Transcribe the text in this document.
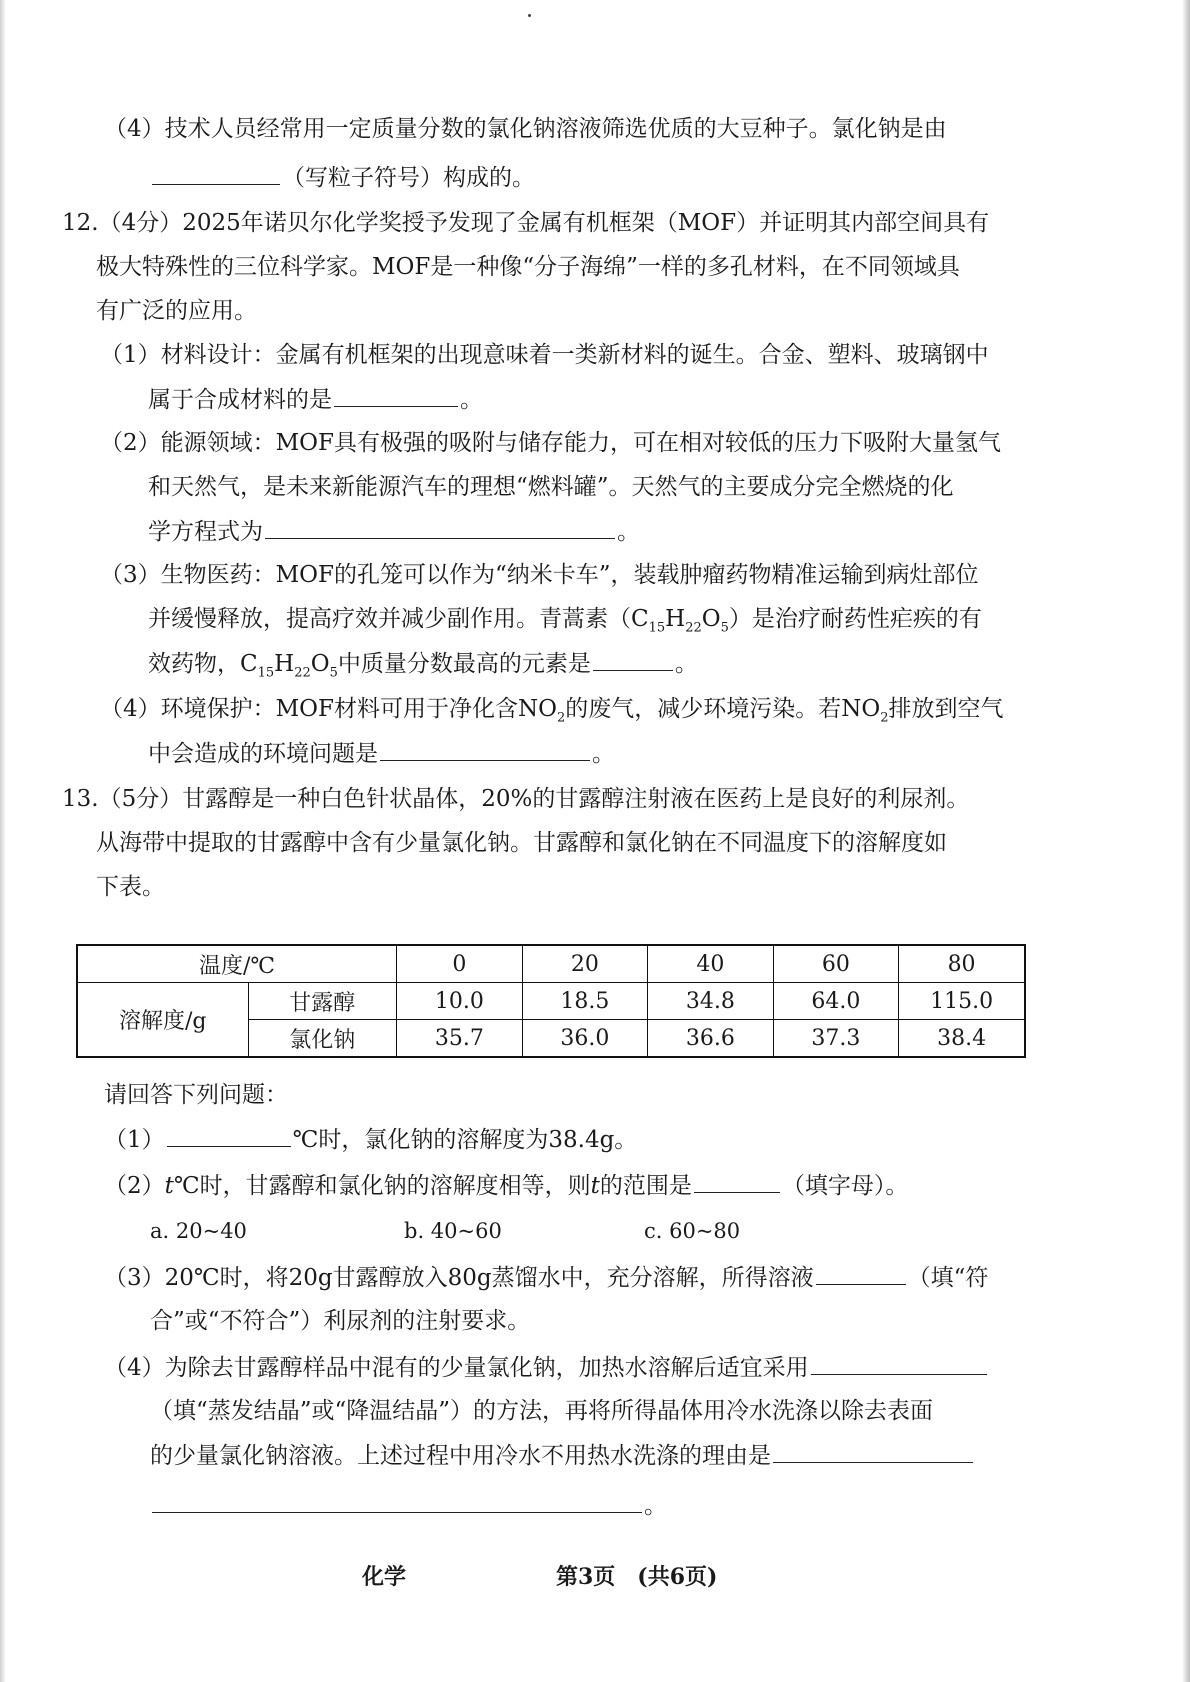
（4）技术人员经常用一定质量分数的氯化钠溶液筛选优质的大豆种子。氯化钠是由
（写粒子符号）构成的。
12.（4分）2025年诺贝尔化学奖授予发现了金属有机框架（MOF）并证明其内部空间具有
极大特殊性的三位科学家。MOF是一种像“分子海绵”一样的多孔材料，在不同领域具
有广泛的应用。
（1）材料设计：金属有机框架的出现意味着一类新材料的诞生。合金、塑料、玻璃钢中
属于合成材料的是	。
（2）能源领域：MOF具有极强的吸附与储存能力，可在相对较低的压力下吸附大量氢气
和天然气，是未来新能源汽车的理想“燃料罐”。天然气的主要成分完全燃烧的化
学方程式为	。
（3）生物医药：MOF的孔笼可以作为“纳米卡车”，装载肿瘤药物精准运输到病灶部位
并缓慢释放，提高疗效并减少副作用。青蒿素$(C_{15}H_{22}O_5)$是治疗耐药性疟疾的有
效药物，$C_{15}H_{22}O_5$中质量分数最高的元素是	。
（4）环境保护：MOF材料可用于净化含$NO_2$的废气，减少环境污染。若$NO_2$排放到空气
中会造成的环境问题是	。
13.（5分）甘露醇是一种白色针状晶体，20%的甘露醇注射液在医药上是良好的利尿剂。
从海带中提取的甘露醇中含有少量氯化钠。甘露醇和氯化钠在不同温度下的溶解度如
下表。
温度/℃		0	20	40	60	80
溶解度/g	甘露醇	10.0	18.5	34.8	64.0	115.0
	氯化钠	35.7	36.0	36.6	37.3	38.4
请回答下列问题：
（1）	℃时，氯化钠的溶解度为38.4g。
（2）t℃时，甘露醇和氯化钠的溶解度相等，则t的范围是	（填字母）。
a. 20~40	b. 40~60	c. 60~80
（3）20℃时，将20g甘露醇放入80g蒸馏水中，充分溶解，所得溶液	（填“符
合”或“不符合”）利尿剂的注射要求。
（4）为除去甘露醇样品中混有的少量氯化钠，加热水溶解后适宜采用
（填“蒸发结晶”或“降温结晶”）的方法，再将所得晶体用冷水洗涤以除去表面
的少量氯化钠溶液。上述过程中用冷水不用热水洗涤的理由是
。
化学	第3页　(共6页)
